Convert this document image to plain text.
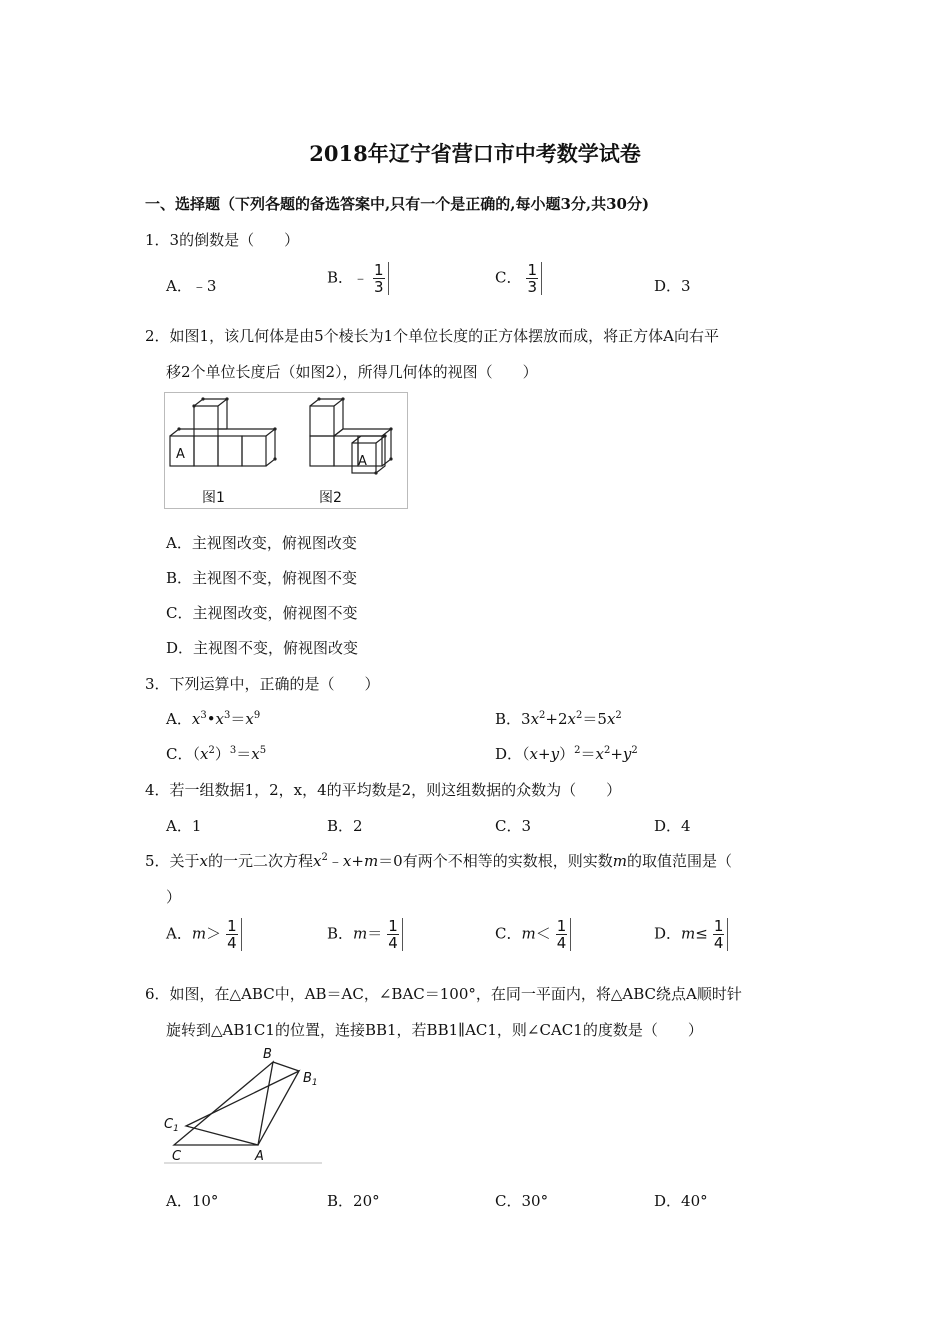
2018年辽宁省营口市中考数学试卷
一、选择题（下列各题的备选答案中,只有一个是正确的,每小题3分,共30分)
1．3的倒数是（　　）
A．﹣3	B．﹣ $\frac{1}{3}$	C． $\frac{1}{3}$	D．3
2．如图1，该几何体是由5个棱长为1个单位长度的正方体摆放而成，将正方体A向右平
移2个单位长度后（如图2），所得几何体的视图（　　）
A	A
图1	图2
A．主视图改变，俯视图改变
B．主视图不变，俯视图不变
C．主视图改变，俯视图不变
D．主视图不变，俯视图改变
3．下列运算中，正确的是（　　）
A．$x^3•x^3=x^9$	B．$3x^2+2x^2=5x^2$
C．$(x^2)^3=x^5$	D．$(x+y)^2=x^2+y^2$
4．若一组数据1，2，x，4的平均数是2，则这组数据的众数为（　　）
A．1	B．2	C．3	D．4
5．关于x的一元二次方程$x^2﹣x+m=0$有两个不相等的实数根，则实数m的取值范围是（
）
A．$m> \frac{1}{4}$	B．$m= \frac{1}{4}$	C．$m< \frac{1}{4}$	D．$m\le \frac{1}{4}$
6．如图，在△ABC中，AB＝AC，∠BAC＝100°，在同一平面内，将△ABC绕点A顺时针
旋转到△AB1C1的位置，连接BB1，若BB1∥AC1，则∠CAC1的度数是（　　）
B
$B_1$
$C_1$
C	A
A．10°	B．20°	C．30°	D．40°
